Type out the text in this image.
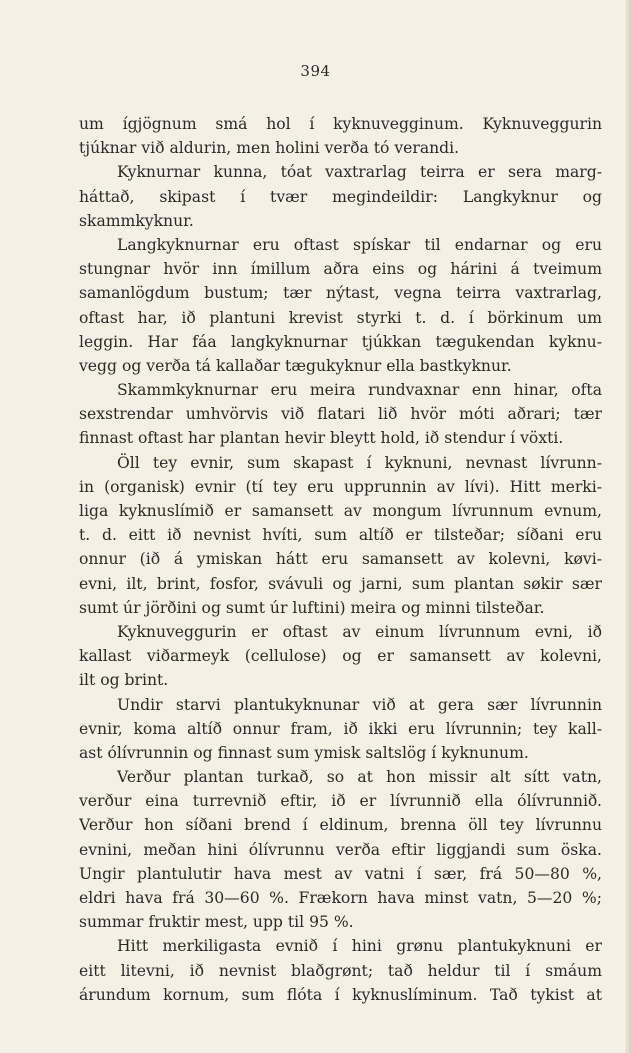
394
um ígjögnum smá hol í kyknuvegginum. Kyknuveggurin
tjúknar við aldurin, men holini verða tó verandi.
Kyknurnar kunna, tóat vaxtrarlag teirra er sera marg-
háttað, skipast í tvær megindeildir: Langkyknur og
skammkyknur.
Langkyknurnar eru oftast spískar til endarnar og eru
stungnar hvör inn ímillum aðra eins og hárini á tveimum
samanlögdum bustum; tær nýtast, vegna teirra vaxtrarlag,
oftast har, ið plantuni krevist styrki t. d. í börkinum um
leggin. Har fáa langkyknurnar tjúkkan tægukendan kyknu-
vegg og verða tá kallaðar tægukyknur ella bastkyknur.
Skammkyknurnar eru meira rundvaxnar enn hinar, ofta
sexstrendar umhvörvis við flatari lið hvör móti aðrari; tær
finnast oftast har plantan hevir bleytt hold, ið stendur í vöxti.
Öll tey evnir, sum skapast í kyknuni, nevnast lívrunn-
in (organisk) evnir (tí tey eru upprunnin av lívi). Hitt merki-
liga kyknuslímið er samansett av mongum lívrunnum evnum,
t. d. eitt ið nevnist hvíti, sum altíð er tilsteðar; síðani eru
onnur (ið á ymiskan hátt eru samansett av kolevni, køvi-
evni, ilt, brint, fosfor, svávuli og jarni, sum plantan søkir sær
sumt úr jörðini og sumt úr luftini) meira og minni tilsteðar.
Kyknuveggurin er oftast av einum lívrunnum evni, ið
kallast viðarmeyk (cellulose) og er samansett av kolevni,
ilt og brint.
Undir starvi plantukyknunar við at gera sær lívrunnin
evnir, koma altíð onnur fram, ið ikki eru lívrunnin; tey kall-
ast ólívrunnin og finnast sum ymisk saltslög í kyknunum.
Verður plantan turkað, so at hon missir alt sítt vatn,
verður eina turrevnið eftir, ið er lívrunnið ella ólívrunnið.
Verður hon síðani brend í eldinum, brenna öll tey lívrunnu
evnini, meðan hini ólívrunnu verða eftir liggjandi sum öska.
Ungir plantulutir hava mest av vatni í sær, frá 50—80 %,
eldri hava frá 30—60 %. Frækorn hava minst vatn, 5—20 %;
summar fruktir mest, upp til 95 %.
Hitt merkiligasta evnið í hini grønu plantukyknuni er
eitt litevni, ið nevnist blaðgrønt; tað heldur til í smáum
árundum kornum, sum flóta í kyknuslíminum. Tað tykist at
